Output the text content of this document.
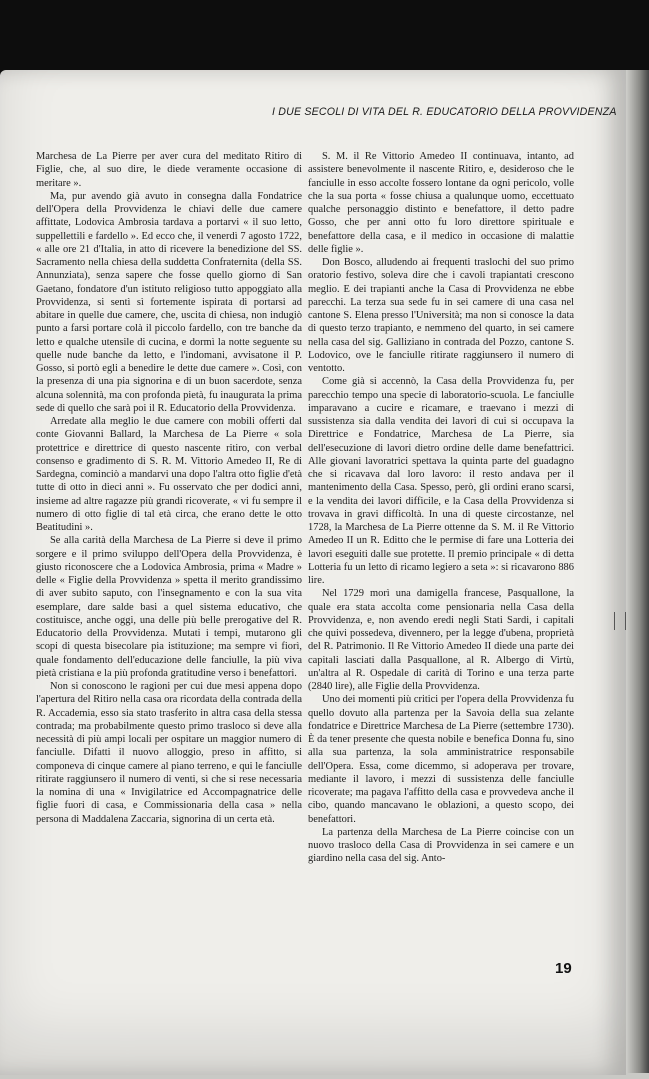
I DUE SECOLI DI VITA DEL R. EDUCATORIO DELLA PROVVIDENZA

Marchesa de La Pierre per aver cura del meditato Ritiro di Figlie, che, al suo dire, le diede veramente occasione di meritare ».

Ma, pur avendo già avuto in consegna dalla Fondatrice dell'Opera della Provvidenza le chiavi delle due camere affittate, Lodovica Ambrosia tardava a portarvi « il suo letto, suppellettili e fardello ». Ed ecco che, il venerdì 7 agosto 1722, « alle ore 21 d'Italia, in atto di ricevere la benedizione del SS. Sacramento nella chiesa della suddetta Confraternita (della SS. Annunziata), senza sapere che fosse quello giorno di San Gaetano, fondatore d'un istituto religioso tutto appoggiato alla Provvidenza, si sentì sì fortemente ispirata di portarsi ad abitare in quelle due camere, che, uscita di chiesa, non indugiò punto a farsi portare colà il piccolo fardello, con tre banche da letto e qualche utensile di cucina, e dormì la notte seguente su quelle nude banche da letto, e l'indomani, avvisatone il P. Gosso, si portò egli a benedire le dette due camere ». Così, con la presenza di una pia signorina e di un buon sacerdote, senza alcuna solennità, ma con profonda pietà, fu inaugurata la prima sede di quello che sarà poi il R. Educatorio della Provvidenza.

Arredate alla meglio le due camere con mobili offerti dal conte Giovanni Ballard, la Marchesa de La Pierre « sola protettrice e direttrice di questo nascente ritiro, con verbal consenso e gradimento di S. R. M. Vittorio Amedeo II, Re di Sardegna, cominciò a mandarvi una dopo l'altra otto figlie d'età tutte di otto in dieci anni ». Fu osservato che per dodici anni, insieme ad altre ragazze più grandi ricoverate, « vi fu sempre il numero di otto figlie di tal età circa, che erano dette le otto Beatitudini ».

Se alla carità della Marchesa de La Pierre si deve il primo sorgere e il primo sviluppo dell'Opera della Provvidenza, è giusto riconoscere che a Lodovica Ambrosia, prima « Madre » delle « Figlie della Provvidenza » spetta il merito grandissimo di aver subito saputo, con l'insegnamento e con la sua vita esemplare, dare salde basi a quel sistema educativo, che costituisce, anche oggi, una delle più belle prerogative del R. Educatorio della Provvidenza. Mutati i tempi, mutarono gli scopi di questa bisecolare pia istituzione; ma sempre vi fiorì, quale fondamento dell'educazione delle fanciulle, la più viva pietà cristiana e la più profonda gratitudine verso i benefattori.

Non si conoscono le ragioni per cui due mesi appena dopo l'apertura del Ritiro nella casa ora ricordata della contrada della R. Accademia, esso sia stato trasferito in altra casa della stessa contrada; ma probabilmente questo primo trasloco si deve alla necessità di più ampi locali per ospitare un maggior numero di fanciulle. Difatti il nuovo alloggio, preso in affitto, si componeva di cinque camere al piano terreno, e qui le fanciulle ritirate raggiunsero il numero di venti, sì che si rese necessaria la nomina di una « Invigilatrice ed Accompagnatrice delle figlie fuori di casa, e Commissionaria della casa » nella persona di Maddalena Zaccaria, signorina di un certa età.

S. M. il Re Vittorio Amedeo II continuava, intanto, ad assistere benevolmente il nascente Ritiro, e, desideroso che le fanciulle in esso accolte fossero lontane da ogni pericolo, volle che la sua porta « fosse chiusa a qualunque uomo, eccettuato qualche personaggio distinto e benefattore, il detto padre Gosso, che per anni otto fu loro direttore spirituale e benefattore della casa, e il medico in occasione di malattie delle figlie ».

Don Bosco, alludendo ai frequenti traslochi del suo primo oratorio festivo, soleva dire che i cavoli trapiantati crescono meglio. E dei trapianti anche la Casa di Provvidenza ne ebbe parecchi. La terza sua sede fu in sei camere di una casa nel cantone S. Elena presso l'Università; ma non si conosce la data di questo terzo trapianto, e nemmeno del quarto, in sei camere nella casa del sig. Galliziano in contrada del Pozzo, cantone S. Lodovico, ove le fanciulle ritirate raggiunsero il numero di ventotto.

Come già si accennò, la Casa della Provvidenza fu, per parecchio tempo una specie di laboratorio-scuola. Le fanciulle imparavano a cucire e ricamare, e traevano i mezzi di sussistenza sia dalla vendita dei lavori di cui si occupava la Direttrice e Fondatrice, Marchesa de La Pierre, sia dell'esecuzione di lavori dietro ordine delle dame benefattrici. Alle giovani lavoratrici spettava la quinta parte del guadagno che si ricavava dal loro lavoro: il resto andava per il mantenimento della Casa. Spesso, però, gli ordini erano scarsi, e la vendita dei lavori difficile, e la Casa della Provvidenza si trovava in gravi difficoltà. In una di queste circostanze, nel 1728, la Marchesa de La Pierre ottenne da S. M. il Re Vittorio Amedeo II un R. Editto che le permise di fare una Lotteria dei lavori eseguiti dalle sue protette. Il premio principale « di detta Lotteria fu un letto di ricamo legiero a seta »: si ricavarono 886 lire.

Nel 1729 morì una damigella francese, Pasquallone, la quale era stata accolta come pensionaria nella Casa della Provvidenza, e, non avendo eredi negli Stati Sardi, i capitali che quivi possedeva, divennero, per la legge d'ubena, proprietà del R. Patrimonio. Il Re Vittorio Amedeo II diede una parte dei capitali lasciati dalla Pasquallone, al R. Albergo di Virtù, un'altra al R. Ospedale di carità di Torino e una terza parte (2840 lire), alle Figlie della Provvidenza.

Uno dei momenti più critici per l'opera della Provvidenza fu quello dovuto alla partenza per la Savoia della sua zelante fondatrice e Direttrice Marchesa de La Pierre (settembre 1730). È da tener presente che questa nobile e benefica Donna fu, sino alla sua partenza, la sola amministratrice responsabile dell'Opera. Essa, come dicemmo, si adoperava per trovare, mediante il lavoro, i mezzi di sussistenza delle fanciulle ricoverate; ma pagava l'affitto della casa e provvedeva anche il cibo, quando mancavano le oblazioni, a questo scopo, dei benefattori.

La partenza della Marchesa de La Pierre coincise con un nuovo trasloco della Casa di Provvidenza in sei camere e un giardino nella casa del sig. Anto-

19
